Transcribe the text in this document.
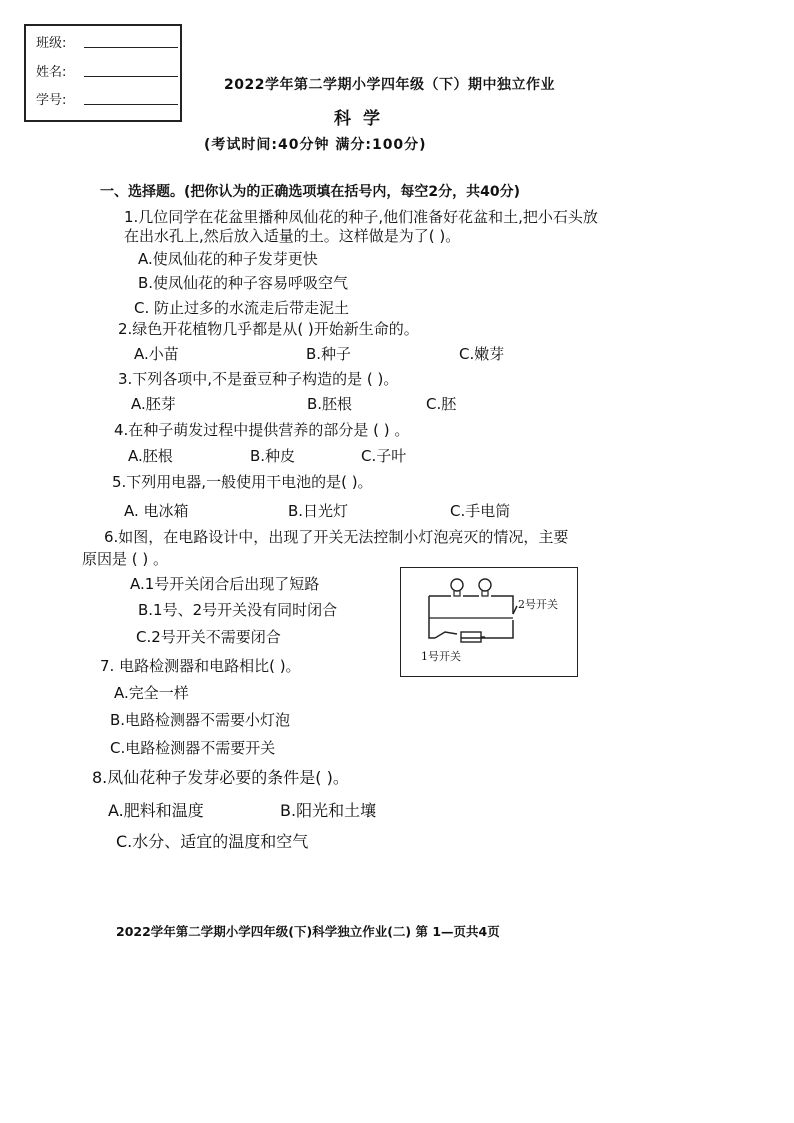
班级:
姓名:
学号:
2022学年第二学期小学四年级（下）期中独立作业
科学
(考试时间:40分钟 满分:100分)
一、选择题。(把你认为的正确选项填在括号内，每空2分，共40分)
1.几位同学在花盆里播种凤仙花的种子,他们准备好花盆和土,把小石头放
在出水孔上,然后放入适量的土。这样做是为了( )。
A.使凤仙花的种子发芽更快
B.使凤仙花的种子容易呼吸空气
C. 防止过多的水流走后带走泥土
2.绿色开花植物几乎都是从( )开始新生命的。
A.小苗	B.种子	C.嫩芽
3.下列各项中,不是蚕豆种子构造的是 ( )。
A.胚芽	B.胚根	C.胚
4.在种子萌发过程中提供营养的部分是 ( ) 。
A.胚根	B.种皮	C.子叶
5.下列用电器,一般使用干电池的是( )。
A. 电冰箱	B.日光灯	C.手电筒
6.如图，在电路设计中，出现了开关无法控制小灯泡亮灭的情况，主要
原因是 ( ) 。
A.1号开关闭合后出现了短路
B.1号、2号开关没有同时闭合
C.2号开关不需要闭合
2号开关
1号开关
7. 电路检测器和电路相比( )。
A.完全一样
B.电路检测器不需要小灯泡
C.电路检测器不需要开关
8.凤仙花种子发芽必要的条件是( )。
A.肥料和温度	B.阳光和土壤
C.水分、适宜的温度和空气
2022学年第二学期小学四年级(下)科学独立作业(二) 第 1—页共4页
